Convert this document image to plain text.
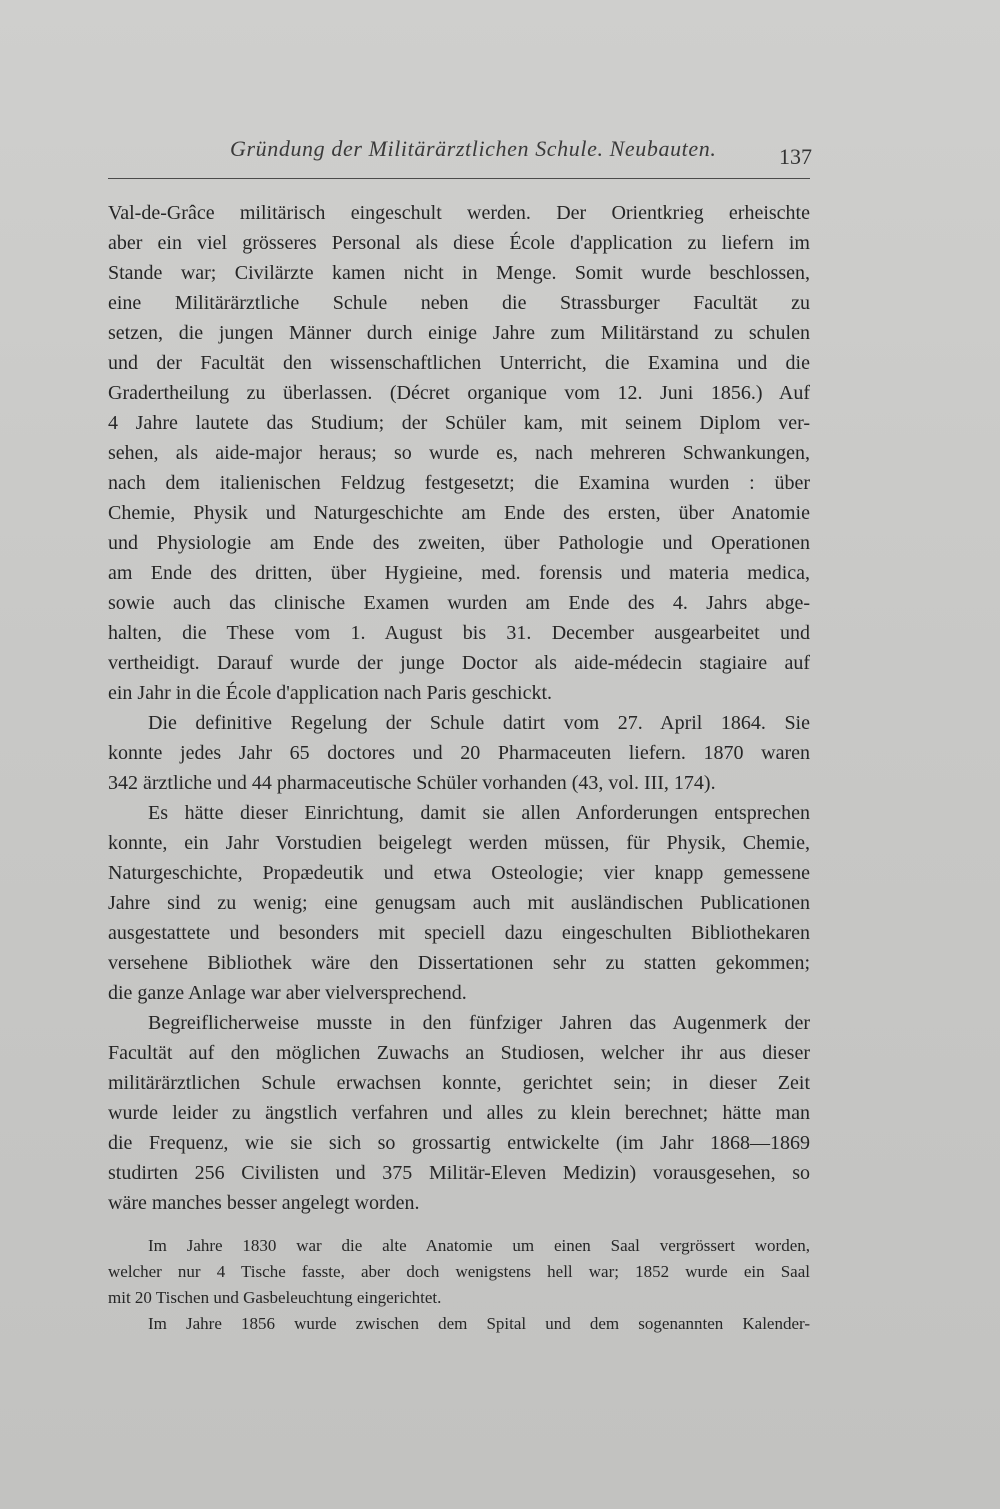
Gründung der Militärärztlichen Schule. Neubauten.	137
Val-de-Grâce militärisch eingeschult werden. Der Orientkrieg erheischte
aber ein viel grösseres Personal als diese École d'application zu liefern im
Stande war; Civilärzte kamen nicht in Menge. Somit wurde beschlossen,
eine Militärärztliche Schule neben die Strassburger Facultät zu
setzen, die jungen Männer durch einige Jahre zum Militärstand zu schulen
und der Facultät den wissenschaftlichen Unterricht, die Examina und die
Gradertheilung zu überlassen. (Décret organique vom 12. Juni 1856.) Auf
4 Jahre lautete das Studium; der Schüler kam, mit seinem Diplom ver-
sehen, als aide-major heraus; so wurde es, nach mehreren Schwankungen,
nach dem italienischen Feldzug festgesetzt; die Examina wurden : über
Chemie, Physik und Naturgeschichte am Ende des ersten, über Anatomie
und Physiologie am Ende des zweiten, über Pathologie und Operationen
am Ende des dritten, über Hygieine, med. forensis und materia medica,
sowie auch das clinische Examen wurden am Ende des 4. Jahrs abge-
halten, die These vom 1. August bis 31. December ausgearbeitet und
vertheidigt. Darauf wurde der junge Doctor als aide-médecin stagiaire auf
ein Jahr in die École d'application nach Paris geschickt.
Die definitive Regelung der Schule datirt vom 27. April 1864. Sie
konnte jedes Jahr 65 doctores und 20 Pharmaceuten liefern. 1870 waren
342 ärztliche und 44 pharmaceutische Schüler vorhanden (43, vol. III, 174).
Es hätte dieser Einrichtung, damit sie allen Anforderungen entsprechen
konnte, ein Jahr Vorstudien beigelegt werden müssen, für Physik, Chemie,
Naturgeschichte, Propædeutik und etwa Osteologie; vier knapp gemessene
Jahre sind zu wenig; eine genugsam auch mit ausländischen Publicationen
ausgestattete und besonders mit speciell dazu eingeschulten Bibliothekaren
versehene Bibliothek wäre den Dissertationen sehr zu statten gekommen;
die ganze Anlage war aber vielversprechend.
Begreiflicherweise musste in den fünfziger Jahren das Augenmerk der
Facultät auf den möglichen Zuwachs an Studiosen, welcher ihr aus dieser
militärärztlichen Schule erwachsen konnte, gerichtet sein; in dieser Zeit
wurde leider zu ängstlich verfahren und alles zu klein berechnet; hätte man
die Frequenz, wie sie sich so grossartig entwickelte (im Jahr 1868—1869
studirten 256 Civilisten und 375 Militär-Eleven Medizin) vorausgesehen, so
wäre manches besser angelegt worden.
Im Jahre 1830 war die alte Anatomie um einen Saal vergrössert worden,
welcher nur 4 Tische fasste, aber doch wenigstens hell war; 1852 wurde ein Saal
mit 20 Tischen und Gasbeleuchtung eingerichtet.
Im Jahre 1856 wurde zwischen dem Spital und dem sogenannten Kalender-
